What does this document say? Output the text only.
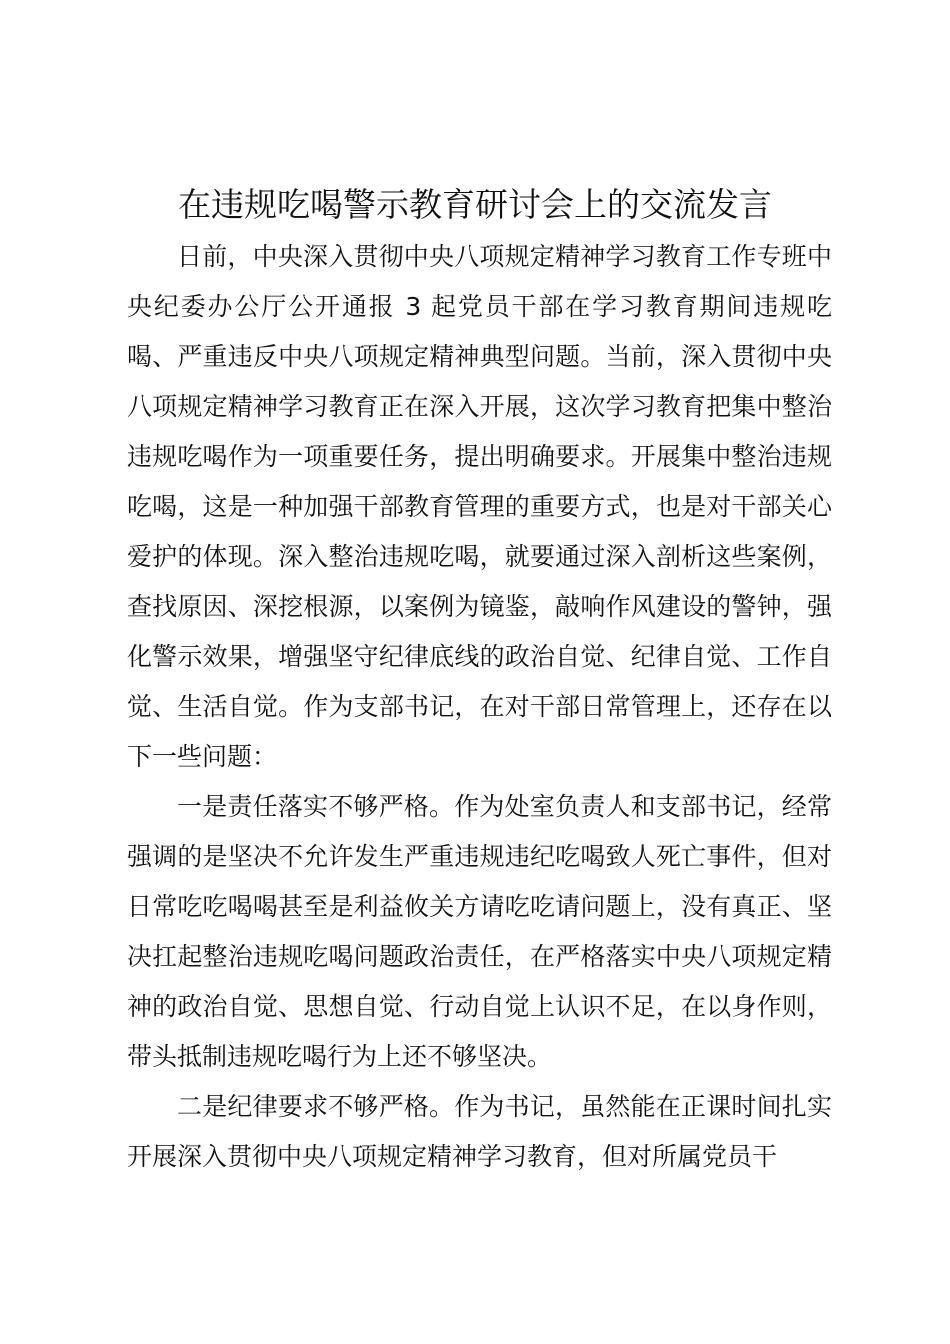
在违规吃喝警示教育研讨会上的交流发言

日前，中央深入贯彻中央八项规定精神学习教育工作专班中央纪委办公厅公开通报 3 起党员干部在学习教育期间违规吃喝、严重违反中央八项规定精神典型问题。当前，深入贯彻中央八项规定精神学习教育正在深入开展，这次学习教育把集中整治违规吃喝作为一项重要任务，提出明确要求。开展集中整治违规吃喝，这是一种加强干部教育管理的重要方式，也是对干部关心爱护的体现。深入整治违规吃喝，就要通过深入剖析这些案例，查找原因、深挖根源，以案例为镜鉴，敲响作风建设的警钟，强化警示效果，增强坚守纪律底线的政治自觉、纪律自觉、工作自觉、生活自觉。作为支部书记，在对干部日常管理上，还存在以下一些问题：

一是责任落实不够严格。作为处室负责人和支部书记，经常强调的是坚决不允许发生严重违规违纪吃喝致人死亡事件，但对日常吃吃喝喝甚至是利益攸关方请吃吃请问题上，没有真正、坚决扛起整治违规吃喝问题政治责任，在严格落实中央八项规定精神的政治自觉、思想自觉、行动自觉上认识不足，在以身作则，带头抵制违规吃喝行为上还不够坚决。

二是纪律要求不够严格。作为书记，虽然能在正课时间扎实开展深入贯彻中央八项规定精神学习教育，但对所属党员干
